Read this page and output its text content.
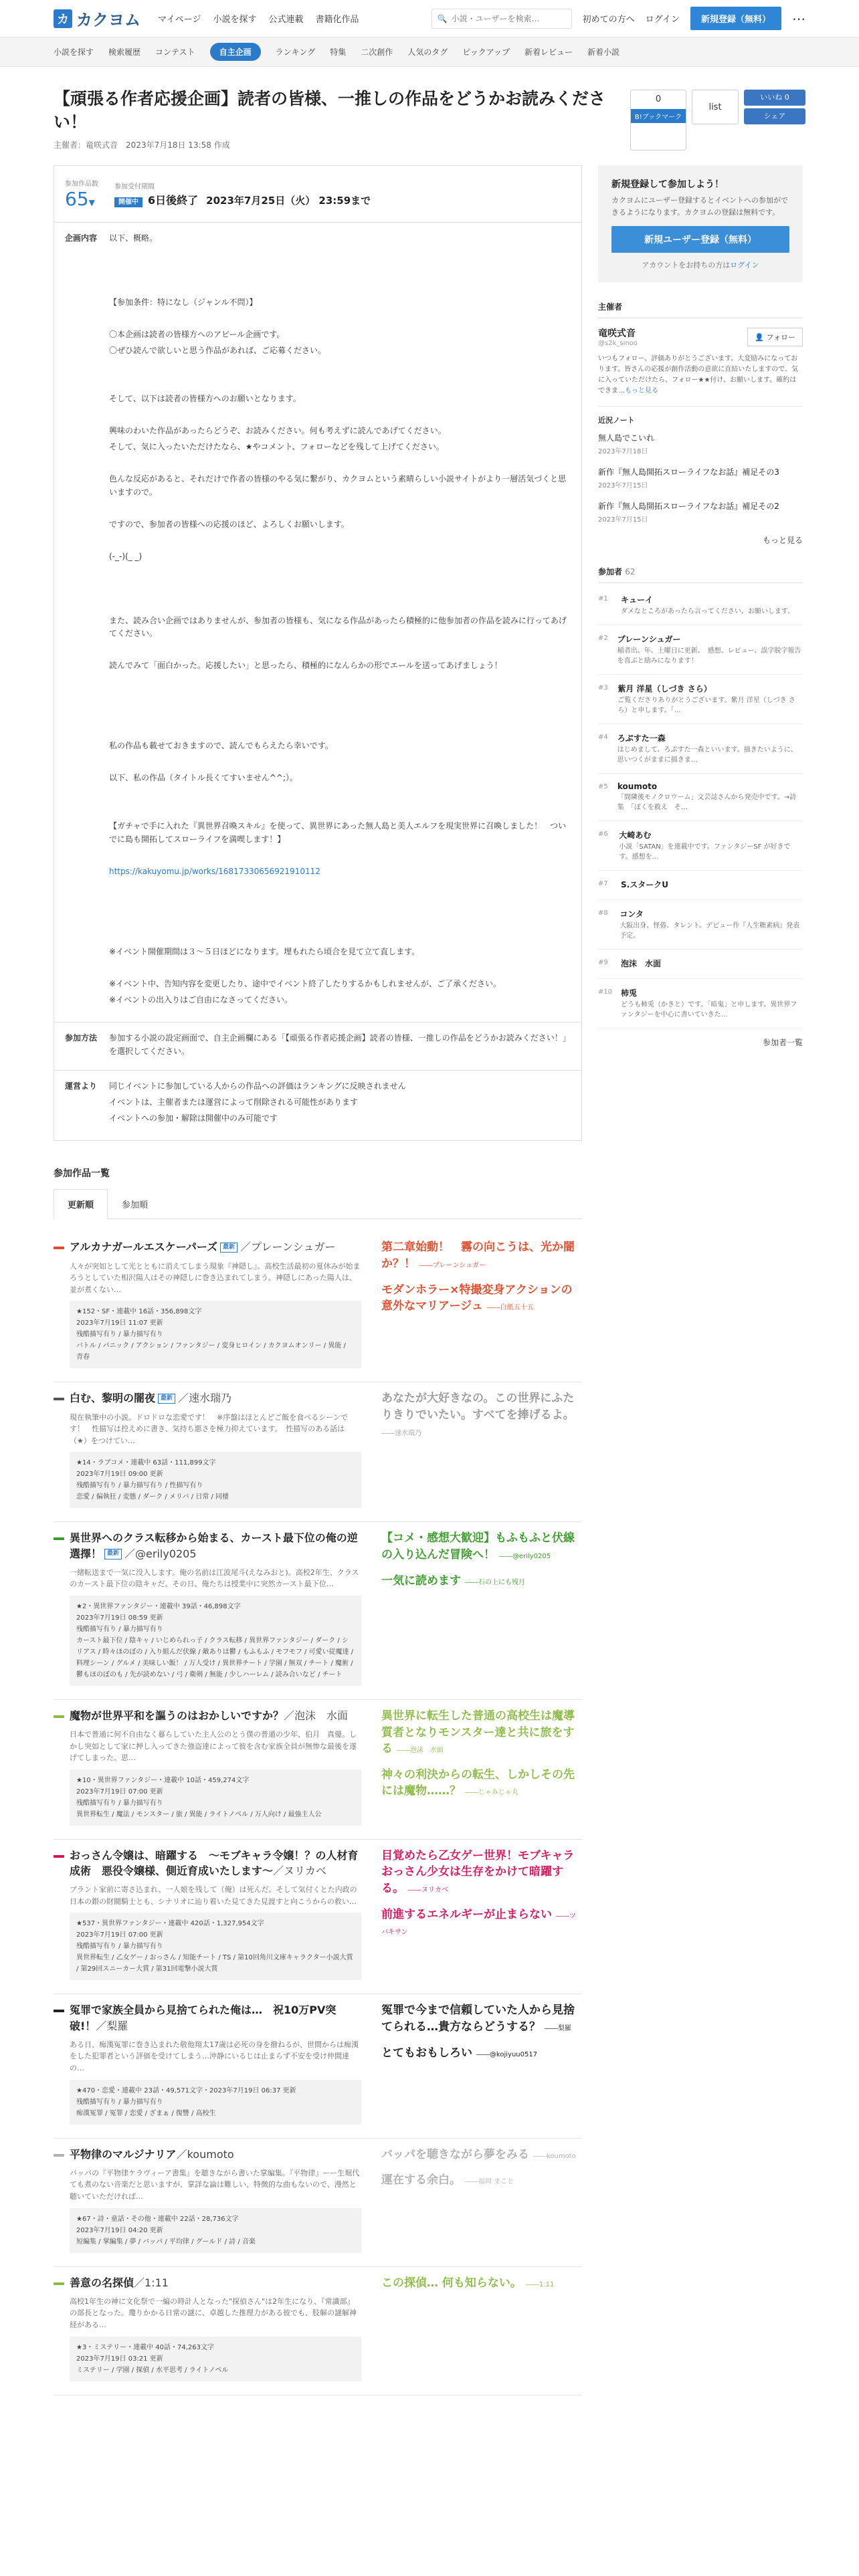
カ カクヨム マイページ 小説を探す 公式連載 書籍化作品	🔍
小説・ユーザーを検索…	初めての方へ ログイン	新規登録（無料）	⋯
小説を探す 検索履歴 コンテスト	自主企画	ランキング 特集 二次創作 人気のタグ ピックアップ 新着レビュー 新着小説
【頑張る作者応援企画】読者の皆様、一推しの作品をどうかお読みください！
主催者：竜咲式音　 2023年7月18日 13:58 作成
0
B!ブックマーク
list
いいね 0
シェア
参加作品数
65▼
参加受付期間
開催中 6日後終了 2023年7月25日（火） 23:59まで
企画内容	以下、概略。

【参加条件：特になし（ジャンル不問）】

〇本企画は読者の皆様方へのアピール企画です。

〇ぜひ読んで欲しいと思う作品があれば、ご応募ください。

そして、以下は読者の皆様方へのお願いとなります。

興味のわいた作品があったらどうぞ、お読みください。何も考えずに読んであげてください。

そして、気に入ったいただけたなら、★やコメント、フォローなどを残して上げてください。

色んな反応があると、それだけで作者の皆様のやる気に繋がり、カクヨムという素晴らしい小説サイトがより一層活気づくと思いますので。

ですので、参加者の皆様への応援のほど、よろしくお願いします。

(-_-)(_ _)

また、読み合い企画ではありませんが、参加者の皆様も、気になる作品があったら積極的に他参加者の作品を読みに行ってあげてください。

読んでみて「面白かった。応援したい」と思ったら、積極的になんらかの形でエールを送ってあげましょう！

私の作品も載せておきますので、読んでもらえたら幸いです。

以下、私の作品（タイトル長くてすいません^^;）。

【ガチャで手に入れた『異世界召喚スキル』を使って、異世界にあった無人島と美人エルフを現実世界に召喚しました！　ついでに島も開拓してスローライフを満喫します！】

https://kakuyomu.jp/works/16817330656921910112

※イベント開催期間は３～５日ほどになります。埋もれたら頃合を見て立て直します。

※イベント中、告知内容を変更したり、途中でイベント終了したりするかもしれませんが、ご了承ください。

※イベントの出入りはご自由になさってください。

参加方法	参加する小説の設定画面で、自主企画欄にある「【頑張る作者応援企画】読者の皆様、一推しの作品をどうかお読みください！」を選択してください。
運営より	同じイベントに参加している人からの作品への評価はランキングに反映されません

イベントは、主催者または運営によって削除される可能性があります

イベントへの参加・解除は開催中のみ可能です

参加作品一覧
更新順	参加順
アルカナガールエスケーパーズ 最新 ／プレーンシュガー
人々が突如として光とともに消えてしまう現象『神隠し』。高校生活最初の夏休みが始まろうとしていた相沢陽人はその神隠しに巻き込まれてしまう。神隠しにあった陽人は、並が煮くない…
★152・SF・連載中 16話・356,898文字
2023年7月19日 11:07 更新
残酷描写有り / 暴力描写有り
バトル / パニック / アクション / ファンタジー / 変身ヒロイン / カクヨムオンリー / 異能 / 青春
第二章始動！　霧の向こうは、光か闇か？！ ――プレーンシュガー
モダンホラー×特撮変身アクションの意外なマリアージュ ――白紙五十五
白む、黎明の闇夜 最新 ／速水瑞乃
現在執筆中の小説。ドロドロな恋愛です！　※序盤はほとんどご飯を食べるシーンです！　性描写は控えめに書き、気持ち悪さを極力抑えています。　性描写のある話は（★）をつけてい…
★14・ラブコメ・連載中 63話・111,899文字
2023年7月19日 09:00 更新
残酷描写有り / 暴力描写有り / 性描写有り
恋愛 / 偏執狂 / 変態 / ダーク / メリバ / 日常 / 同棲
あなたが大好きなの。この世界にふたりきりでいたい。すべてを捧げるよ。 ――速水瑞乃
異世界へのクラス転移から始まる、カースト最下位の俺の逆選擇！ 最新 ／@erily0205
一緒転送まで一気に没入します。俺の名前は江波尾斗(えなみおと)。高校2年生、クラスのカースト最下位の陰キャだ。その日、俺たちは授業中に突然カースト最下位…
★2・異世界ファンタジー・連載中 39話・46,898文字
2023年7月19日 08:59 更新
残酷描写有り / 暴力描写有り
カースト最下位 / 陰キャ / いじめられっ子 / クラス転移 / 異世界ファンタジー / ダーク / シリアス / 時々ほのぼの / 入り組んだ伏線 / 敵ありは鬱 / もふもふ / モフモフ / 可愛い従魔達 / 料理シーン / グルメ / 美味しい飯！ / 万人受け / 異世界チート / 学園 / 無双 / チート / 魔術 / 鬱もほのぼのも / 先が読めない / 弓 / 衛剣 / 無能 / 少しハーレム / 読み合いなど / チート
【コメ・感想大歓迎】もふもふと伏線の入り込んだ冒険へ！ ――@erily0205
一気に読めます ――石の上にも残月
魔物が世界平和を謳うのはおかしいですか？／泡沫　水面
日本で普通に何不自由なく暮らしていた主人公のとう僕の普通の少年、伯月　真優。しかし突如として家に押し入ってきた強盗達によって彼を含む家族全員が無惨な最後を遂げてしまった。思…
★10・異世界ファンタジー・連載中 10話・459,274文字
2023年7月19日 07:00 更新
残酷描写有り / 暴力描写有り
異世界転生 / 魔法 / モンスター / 旅 / 異能 / ライトノベル / 万人向け / 最強主人公
異世界に転生した普通の高校生は魔導質者となりモンスター達と共に旅をする ――泡沫　水面
神々の利決からの転生、しかしその先には魔物……？ ――じゃみじゃ丸
おっさん令嬢は、暗躍する　～モブキャラ令嬢！？の人材育成術　悪役令嬢様、側近育成いたします～／ヌリカベ
ブラント家前に寄さ込まれ、一人娘を残して（俺）は死んだ。そして気付くとた内政の日本の銀の財閥騎士とも、シナリオに辿り着いた見てきた見渡すと向こうからの救い…
★537・異世界ファンタジー・連載中 420話・1,327,954文字
2023年7月19日 07:00 更新
残酷描写有り / 暴力描写有り
異世界転生 / 乙女ゲー / おっさん / 知能チート / TS / 第10回角川文庫キャラクター小説大賞 / 第29回スニーカー大賞 / 第31回電撃小説大賞
目覚めたら乙女ゲー世界！モブキャラおっさん少女は生存をかけて暗躍する。 ――ヌリカベ
前進するエネルギーが止まらない ――ツバキサン
冤罪で家族全員から見捨てられた俺は…　祝10万PV突破!！／梨羅
ある日、痴漢冤罪に巻き込まれた敬他翔太17歳は必死の身を撥ねるが、世間からは痴漢をした犯罪者という評価を受けてしまう…沖静にいるじは止まらず不安を受け仲間達の…
★470・恋愛・連載中 23話・49,571文字・2023年7月19日 06:37 更新
残酷描写有り / 暴力描写有り
痴漢冤罪 / 冤罪 / 恋愛 / ざまぁ / 復讐 / 高校生
冤罪で今まで信頼していた人から見捨てられる…貴方ならどうする？ ――梨羅
とてもおもしろい ――@kojiyuu0517
平物律のマルジナリア／koumoto
バッパの『平物律ケラヴィーア書集』を聴きながら書いた掌編集。『平物律』ーー生堀代ても煮のない音楽だと思いますが、掌詳な論は難しい、特徴的な曲もないので、漫然と聴いていただければ…
★67・詩・童話・その他・連載中 22話・28,736文字
2023年7月19日 04:20 更新
短編集 / 掌編集 / 夢 / バッパ / 平均律 / グールド / 詩 / 音楽
バッパを聴きながら夢をみる ――koumoto
運在する余白。 ――福岡 まこと
善意の名探偵／1:11
高校1年生の神に文化祭で一編の時計人となった"探偵さん"は2年生になり、『常識部』の部長となった。瓊りかかる日常の謎に、卓越した推理力がある彼でも、肢解の謎解神経がある…
★3・ミステリー・連載中 40話・74,263文字
2023年7月19日 03:21 更新
ミステリー / 学園 / 探偵 / 水平思考 / ライトノベル
この探偵… 何も知らない。 ――1:11
新規登録して参加しよう！

カクヨムにユーザー登録するとイベントへの参加ができるようになります。カクヨムの登録は無料です。

新規ユーザー登録（無料）
アカウントをお持ちの方はログイン
主催者
竜咲式音
@s2k_sinoo
👤 フォロー
いつもフォロー、評価ありがとうございます。大変励みになっております。皆さんの応援が創作活動の意欲に直結いたしますので、気に入っていただけたら、フォロー★★付け、お願いします。確約はできま…もっと見る
近況ノート
無人島でこいれ
2023年7月18日
新作『無人島開拓スローライフなお話』補足その3
2023年7月15日
新作『無人島開拓スローライフなお話』補足その2
2023年7月15日
もっと見る
参加者 62
#1	キューイ
ダメなところがあったら言ってください。お願いします。
#2 プレーンシュガー
稲者出、年、土曜日に更新。　感想、レビュー、誤字脱字報告を喜ぶと励みになります！
#3 紫月 洋星（しづき さら）
ご覧くださりありがとうございます。紫月 洋星（しづき さら）と申します。「…
#4 ろぷすた一森
はじめまして、ろぷすた一森といいます。描きたいように、思いつくがままに描きま…
#5 koumoto
「間隣後モノクロウーム」文芸誌さんから発売中です。→詩集　「ぼくを救え　そ…
#6 大崎あむ
小説「SATAN」を連載中です。ファンタジーSF が好きです。感想を…
#7	S.スタークU
#8 コンタ
大阪出身、怪倦、タレント。デビュー作『人生糖素病』発表予定。
#9	泡沫　水面
#10 柿兎
どうも柿兎（かきと）です。「暗鬼」と申します。異世界ファンタジーを中心に書いていきた…
参加者一覧
